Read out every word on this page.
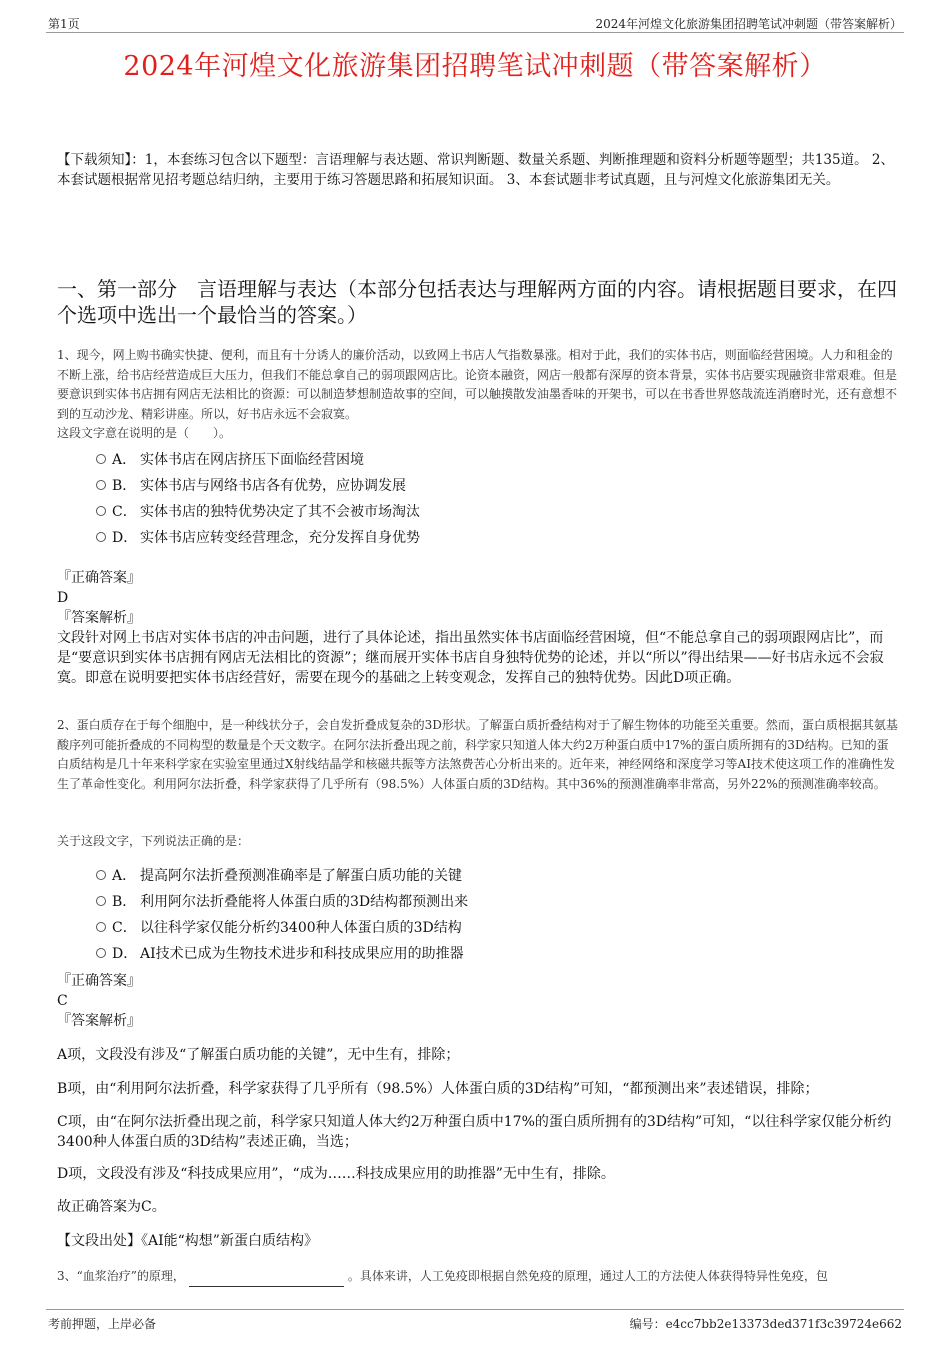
第1页	2024年河煌文化旅游集团招聘笔试冲刺题（带答案解析）
2024年河煌文化旅游集团招聘笔试冲刺题（带答案解析）
【下载须知】：1，本套练习包含以下题型：言语理解与表达题、常识判断题、数量关系题、判断推理题和资料分析题等题型；共135道。 2、本套试题根据常见招考题总结归纳，主要用于练习答题思路和拓展知识面。 3、本套试题非考试真题，且与河煌文化旅游集团无关。
一、第一部分　言语理解与表达（本部分包括表达与理解两方面的内容。请根据题目要求，在四个选项中选出一个最恰当的答案。）
1、现今，网上购书确实快捷、便利，而且有十分诱人的廉价活动，以致网上书店人气指数暴涨。相对于此，我们的实体书店，则面临经营困境。人力和租金的不断上涨，给书店经营造成巨大压力，但我们不能总拿自己的弱项跟网店比。论资本融资，网店一般都有深厚的资本背景，实体书店要实现融资非常艰难。但是要意识到实体书店拥有网店无法相比的资源：可以制造梦想制造故事的空间，可以触摸散发油墨香味的开架书，可以在书香世界悠哉流连消磨时光，还有意想不到的互动沙龙、精彩讲座。所以，好书店永远不会寂寞。
这段文字意在说明的是（　　）。
A． 实体书店在网店挤压下面临经营困境
B． 实体书店与网络书店各有优势，应协调发展
C． 实体书店的独特优势决定了其不会被市场淘汰
D． 实体书店应转变经营理念，充分发挥自身优势
『正确答案』
D
『答案解析』
文段针对网上书店对实体书店的冲击问题，进行了具体论述，指出虽然实体书店面临经营困境，但“不能总拿自己的弱项跟网店比”，而是“要意识到实体书店拥有网店无法相比的资源”；继而展开实体书店自身独特优势的论述，并以“所以”得出结果——好书店永远不会寂寞。即意在说明要把实体书店经营好，需要在现今的基础之上转变观念，发挥自己的独特优势。因此D项正确。
2、蛋白质存在于每个细胞中，是一种线状分子，会自发折叠成复杂的3D形状。了解蛋白质折叠结构对于了解生物体的功能至关重要。然而，蛋白质根据其氨基酸序列可能折叠成的不同构型的数量是个天文数字。在阿尔法折叠出现之前，科学家只知道人体大约2万种蛋白质中17%的蛋白质所拥有的3D结构。已知的蛋白质结构是几十年来科学家在实验室里通过X射线结晶学和核磁共振等方法煞费苦心分析出来的。近年来，神经网络和深度学习等AI技术使这项工作的准确性发生了革命性变化。利用阿尔法折叠，科学家获得了几乎所有（98.5%）人体蛋白质的3D结构。其中36%的预测准确率非常高，另外22%的预测准确率较高。
关于这段文字，下列说法正确的是：
A． 提高阿尔法折叠预测准确率是了解蛋白质功能的关键
B． 利用阿尔法折叠能将人体蛋白质的3D结构都预测出来
C． 以往科学家仅能分析约3400种人体蛋白质的3D结构
D． AI技术已成为生物技术进步和科技成果应用的助推器
『正确答案』
C
『答案解析』
A项，文段没有涉及“了解蛋白质功能的关键”，无中生有，排除；
B项，由“利用阿尔法折叠，科学家获得了几乎所有（98.5%）人体蛋白质的3D结构”可知，“都预测出来”表述错误，排除；
C项，由“在阿尔法折叠出现之前，科学家只知道人体大约2万种蛋白质中17%的蛋白质所拥有的3D结构”可知，“以往科学家仅能分析约3400种人体蛋白质的3D结构”表述正确，当选；
D项，文段没有涉及“科技成果应用”，“成为……科技成果应用的助推器”无中生有，排除。
故正确答案为C。
【文段出处】《AI能“构想”新蛋白质结构》
3、“血浆治疗”的原理，	。具体来讲，人工免疫即根据自然免疫的原理，通过人工的方法使人体获得特异性免疫，包
考前押题，上岸必备	编号：e4cc7bb2e13373ded371f3c39724e662
